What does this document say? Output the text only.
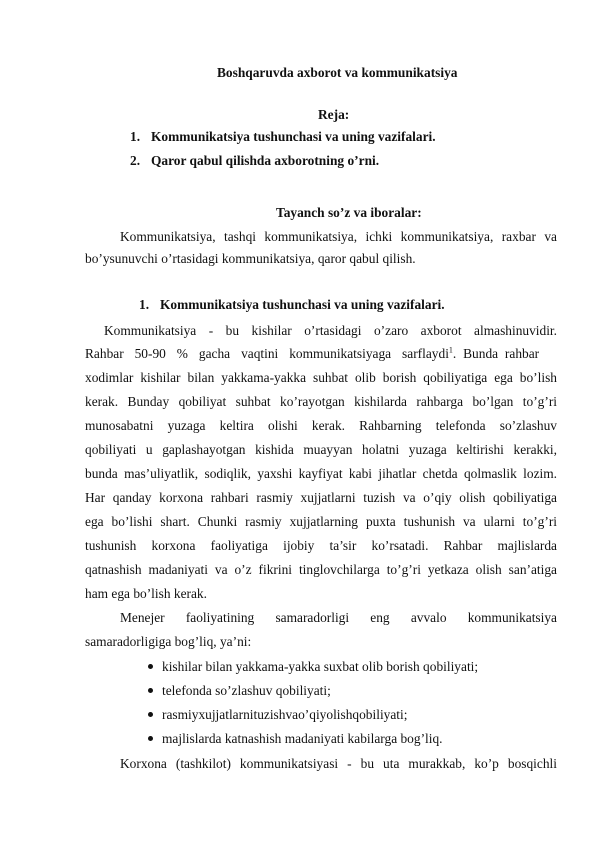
Boshqaruvda axborot va kommunikatsiya
Reja:
1. Kommunikatsiya tushunchasi va uning vazifalari.
2. Qaror qabul qilishda axborotning o’rni.
Tayanch so’z va iboralar:
Kommunikatsiya, tashqi kommunikatsiya, ichki kommunikatsiya, raxbar va
bo’ysunuvchi o’rtasidagi kommunikatsiya, qaror qabul qilish.
1. Kommunikatsiya tushunchasi va uning vazifalari.
Kommunikatsiya - bu kishilar o’rtasidagi o’zaro axborot almashinuvidir.
Rahbar 50-90 % gacha vaqtini kommunikatsiyaga sarflaydi$^1$. Bunda rahbar
xodimlar kishilar bilan yakkama-yakka suhbat olib borish qobiliyatiga ega bo’lish
kerak. Bunday qobiliyat suhbat ko’rayotgan kishilarda rahbarga bo’lgan to’g’ri
munosabatni yuzaga keltira olishi kerak. Rahbarning telefonda so’zlashuv
qobiliyati u gaplashayotgan kishida muayyan holatni yuzaga keltirishi kerakki,
bunda mas’uliyatlik, sodiqlik, yaxshi kayfiyat kabi jihatlar chetda qolmaslik lozim.
Har qanday korxona rahbari rasmiy xujjatlarni tuzish va o’qiy olish qobiliyatiga
ega bo’lishi shart. Chunki rasmiy xujjatlarning puxta tushunish va ularni to’g’ri
tushunish korxona faoliyatiga ijobiy ta’sir ko’rsatadi. Rahbar majlislarda
qatnashish madaniyati va o’z fikrini tinglovchilarga to’g’ri yetkaza olish san’atiga
ham ega bo’lish kerak.
Menejer faoliyatining samaradorligi eng avvalo kommunikatsiya
samaradorligiga bog’liq, ya’ni:
kishilar bilan yakkama-yakka suxbat olib borish qobiliyati;
telefonda so’zlashuv qobiliyati;
rasmiyxujjatlarnituzishvao’qiyolishqobiliyati;
majlislarda katnashish madaniyati kabilarga bog’liq.
Korxona (tashkilot) kommunikatsiyasi - bu uta murakkab, ko’p bosqichli
